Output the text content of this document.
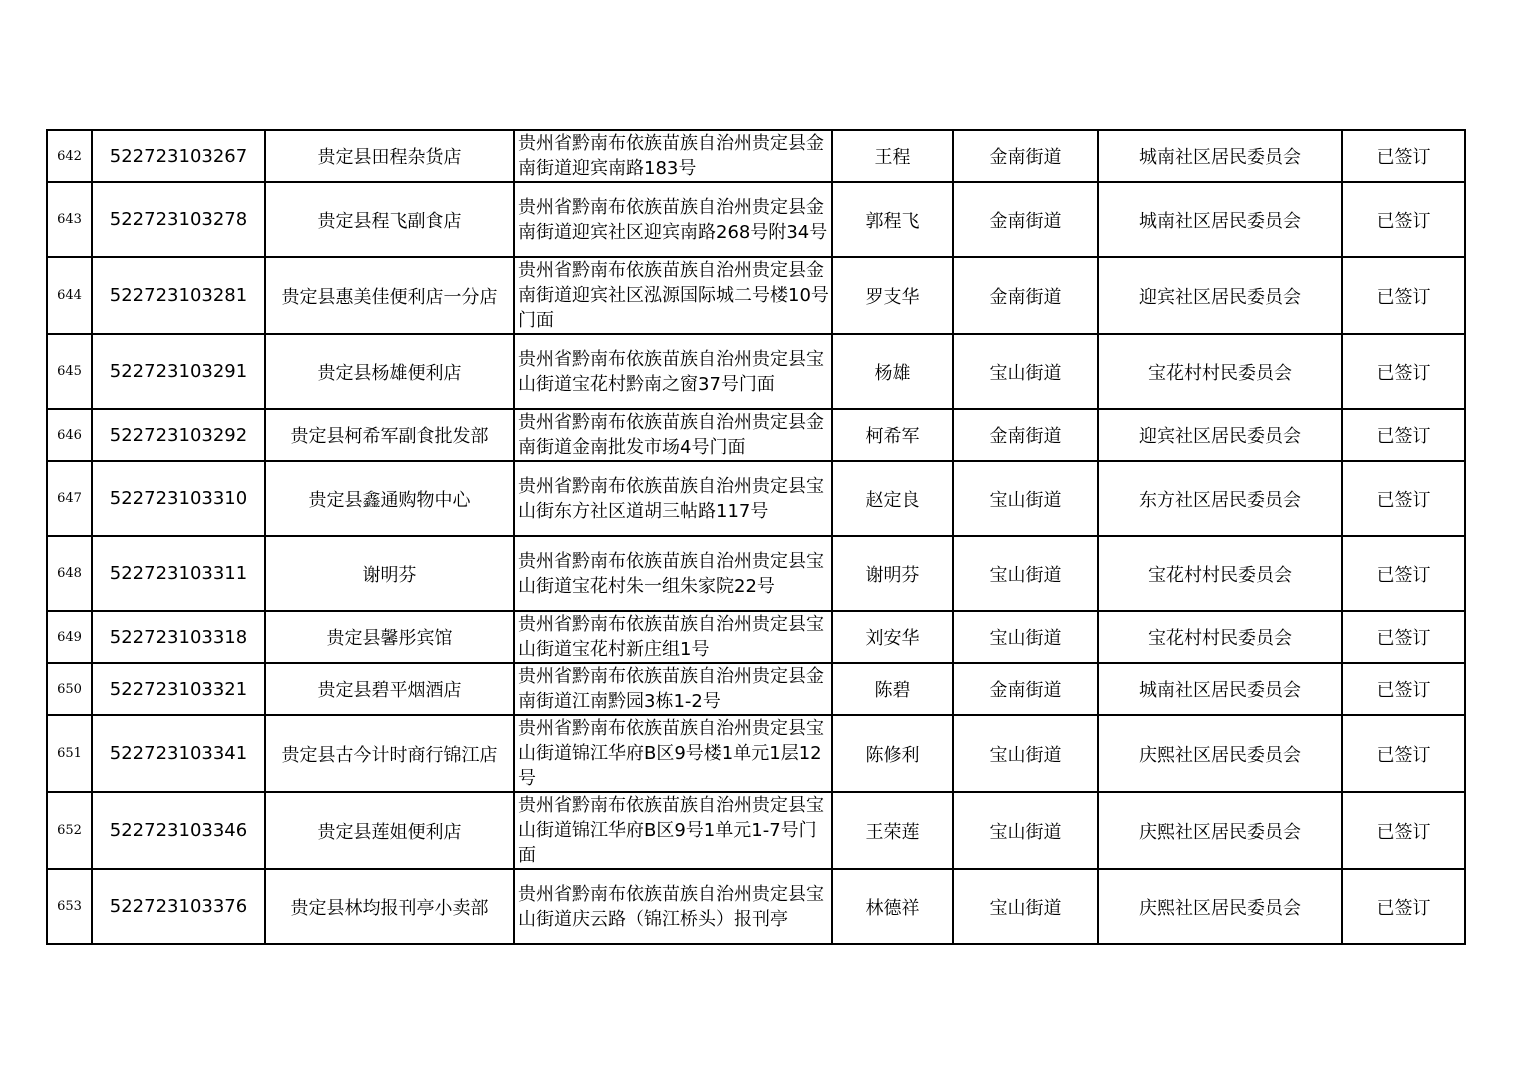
642	522723103267	贵定县田程杂货店	贵州省黔南布依族苗族自治州贵定县金南街道迎宾南路183号	王程	金南街道	城南社区居民委员会	已签订
643	522723103278	贵定县程飞副食店	贵州省黔南布依族苗族自治州贵定县金南街道迎宾社区迎宾南路268号附34号	郭程飞	金南街道	城南社区居民委员会	已签订
644	522723103281	贵定县惠美佳便利店一分店	贵州省黔南布依族苗族自治州贵定县金南街道迎宾社区泓源国际城二号楼10号门面	罗支华	金南街道	迎宾社区居民委员会	已签订
645	522723103291	贵定县杨雄便利店	贵州省黔南布依族苗族自治州贵定县宝山街道宝花村黔南之窗37号门面	杨雄	宝山街道	宝花村村民委员会	已签订
646	522723103292	贵定县柯希军副食批发部	贵州省黔南布依族苗族自治州贵定县金南街道金南批发市场4号门面	柯希军	金南街道	迎宾社区居民委员会	已签订
647	522723103310	贵定县鑫通购物中心	贵州省黔南布依族苗族自治州贵定县宝山街东方社区道胡三帖路117号	赵定良	宝山街道	东方社区居民委员会	已签订
648	522723103311	谢明芬	贵州省黔南布依族苗族自治州贵定县宝山街道宝花村朱一组朱家院22号	谢明芬	宝山街道	宝花村村民委员会	已签订
649	522723103318	贵定县馨彤宾馆	贵州省黔南布依族苗族自治州贵定县宝山街道宝花村新庄组1号	刘安华	宝山街道	宝花村村民委员会	已签订
650	522723103321	贵定县碧平烟酒店	贵州省黔南布依族苗族自治州贵定县金南街道江南黔园3栋1-2号	陈碧	金南街道	城南社区居民委员会	已签订
651	522723103341	贵定县古今计时商行锦江店	贵州省黔南布依族苗族自治州贵定县宝山街道锦江华府B区9号楼1单元1层12号	陈修利	宝山街道	庆熙社区居民委员会	已签订
652	522723103346	贵定县莲姐便利店	贵州省黔南布依族苗族自治州贵定县宝山街道锦江华府B区9号1单元1-7号门面	王荣莲	宝山街道	庆熙社区居民委员会	已签订
653	522723103376	贵定县林均报刊亭小卖部	贵州省黔南布依族苗族自治州贵定县宝山街道庆云路（锦江桥头）报刊亭	林德祥	宝山街道	庆熙社区居民委员会	已签订
